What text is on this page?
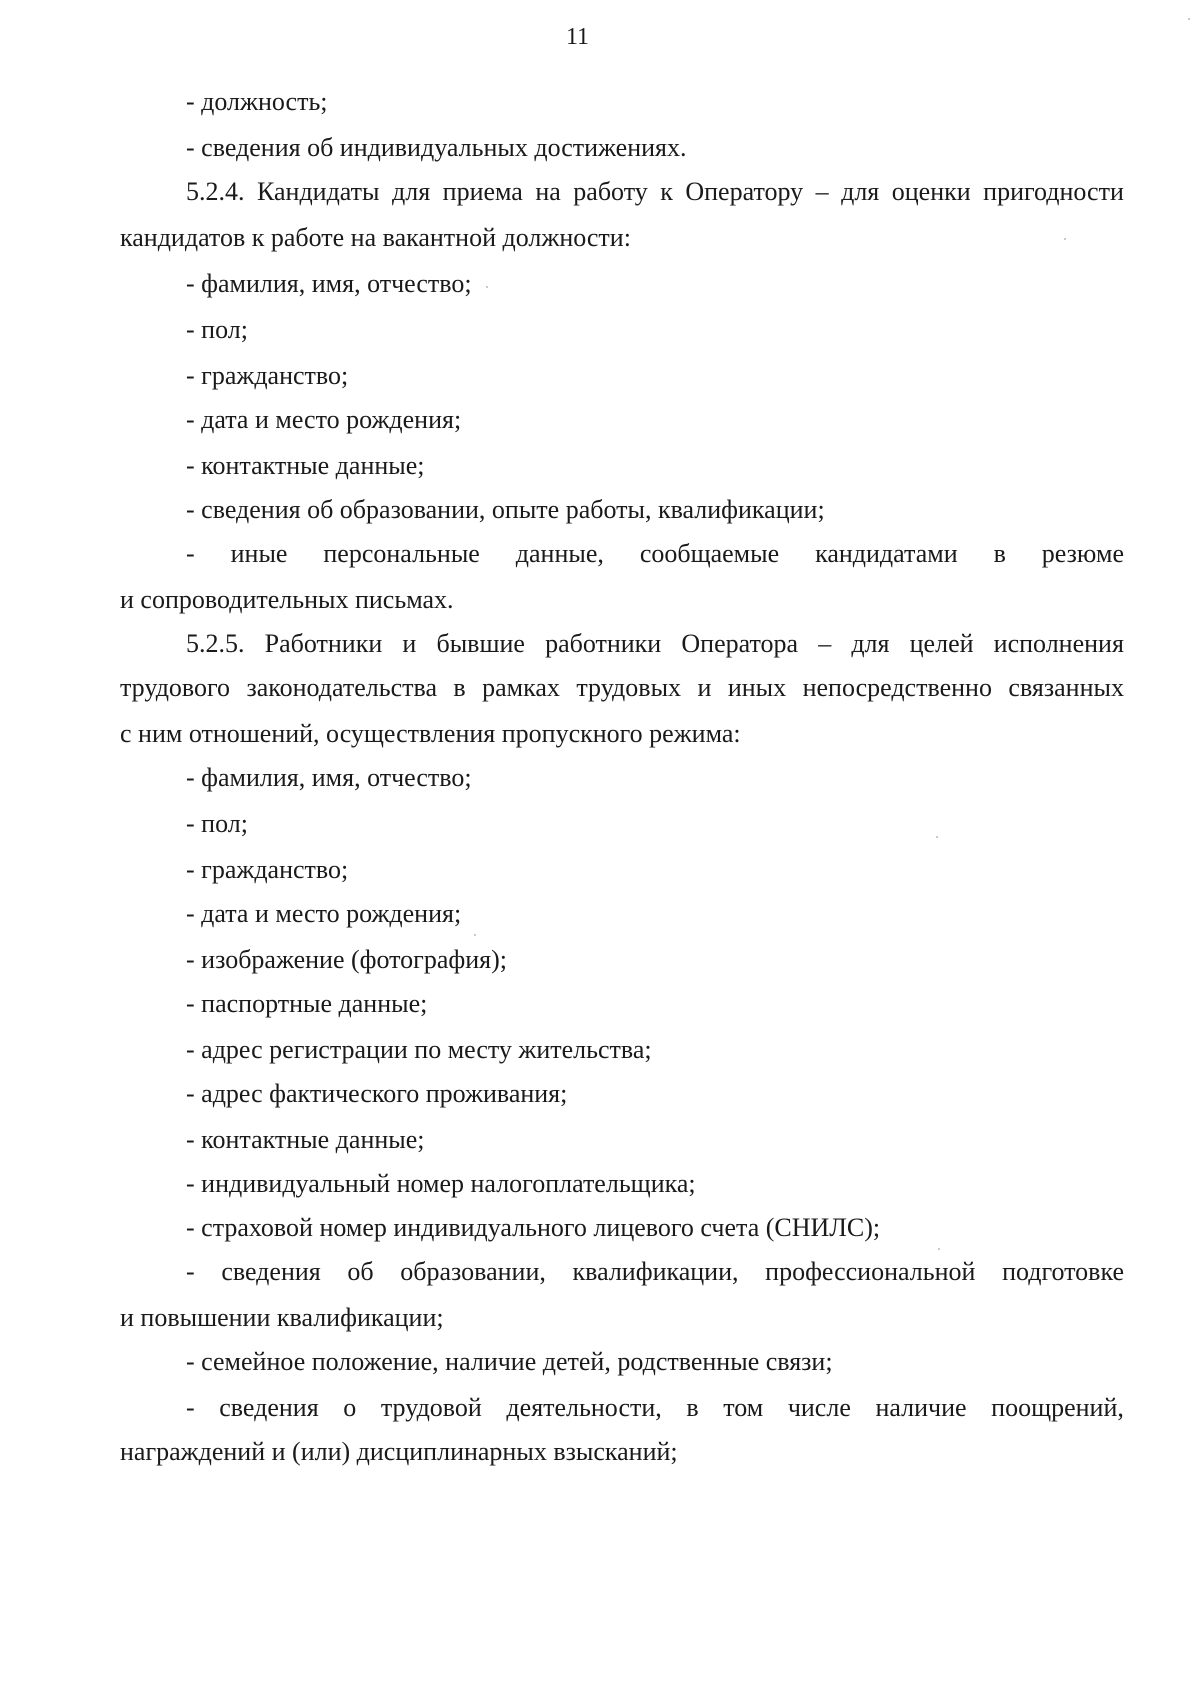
11
- должность;
- сведения об индивидуальных достижениях.
5.2.4. Кандидаты для приема на работу к Оператору – для оценки пригодности
кандидатов к работе на вакантной должности:
- фамилия, имя, отчество;
- пол;
- гражданство;
- дата и место рождения;
- контактные данные;
- сведения об образовании, опыте работы, квалификации;
- иные персональные данные, сообщаемые кандидатами в резюме
и сопроводительных письмах.
5.2.5. Работники и бывшие работники Оператора – для целей исполнения
трудового законодательства в рамках трудовых и иных непосредственно связанных
с ним отношений, осуществления пропускного режима:
- фамилия, имя, отчество;
- пол;
- гражданство;
- дата и место рождения;
- изображение (фотография);
- паспортные данные;
- адрес регистрации по месту жительства;
- адрес фактического проживания;
- контактные данные;
- индивидуальный номер налогоплательщика;
- страховой номер индивидуального лицевого счета (СНИЛС);
- сведения об образовании, квалификации, профессиональной подготовке
и повышении квалификации;
- семейное положение, наличие детей, родственные связи;
- сведения о трудовой деятельности, в том числе наличие поощрений,
награждений и (или) дисциплинарных взысканий;
